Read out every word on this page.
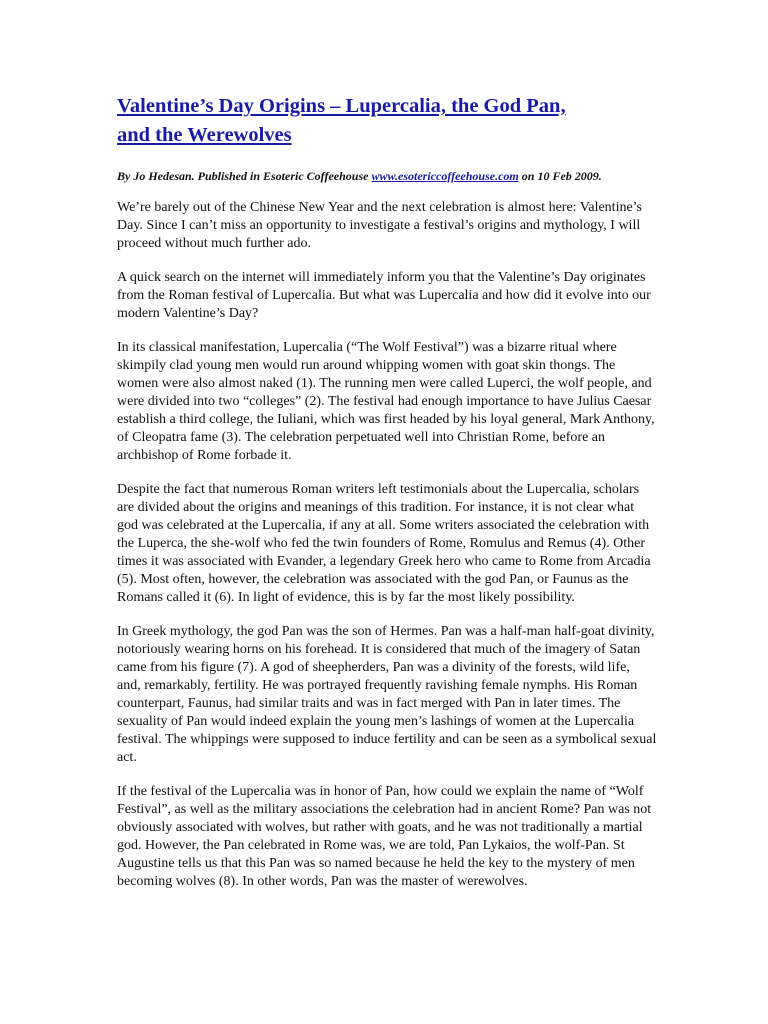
Valentine’s Day Origins – Lupercalia, the God Pan,
and the Werewolves

By Jo Hedesan. Published in Esoteric Coffeehouse www.esotericcoffeehouse.com on 10 Feb 2009.

We’re barely out of the Chinese New Year and the next celebration is almost here: Valentine’s Day. Since I can’t miss an opportunity to investigate a festival’s origins and mythology, I will proceed without much further ado.

A quick search on the internet will immediately inform you that the Valentine’s Day originates from the Roman festival of Lupercalia. But what was Lupercalia and how did it evolve into our modern Valentine’s Day?

In its classical manifestation, Lupercalia (“The Wolf Festival”) was a bizarre ritual where skimpily clad young men would run around whipping women with goat skin thongs. The women were also almost naked (1). The running men were called Luperci, the wolf people, and were divided into two “colleges” (2). The festival had enough importance to have Julius Caesar establish a third college, the Iuliani, which was first headed by his loyal general, Mark Anthony, of Cleopatra fame (3). The celebration perpetuated well into Christian Rome, before an archbishop of Rome forbade it.

Despite the fact that numerous Roman writers left testimonials about the Lupercalia, scholars are divided about the origins and meanings of this tradition. For instance, it is not clear what god was celebrated at the Lupercalia, if any at all. Some writers associated the celebration with the Luperca, the she-wolf who fed the twin founders of Rome, Romulus and Remus (4). Other times it was associated with Evander, a legendary Greek hero who came to Rome from Arcadia (5). Most often, however, the celebration was associated with the god Pan, or Faunus as the Romans called it (6). In light of evidence, this is by far the most likely possibility.

In Greek mythology, the god Pan was the son of Hermes. Pan was a half-man half-goat divinity, notoriously wearing horns on his forehead. It is considered that much of the imagery of Satan came from his figure (7). A god of sheepherders, Pan was a divinity of the forests, wild life, and, remarkably, fertility. He was portrayed frequently ravishing female nymphs. His Roman counterpart, Faunus, had similar traits and was in fact merged with Pan in later times. The sexuality of Pan would indeed explain the young men’s lashings of women at the Lupercalia festival. The whippings were supposed to induce fertility and can be seen as a symbolical sexual act.

If the festival of the Lupercalia was in honor of Pan, how could we explain the name of “Wolf Festival”, as well as the military associations the celebration had in ancient Rome? Pan was not obviously associated with wolves, but rather with goats, and he was not traditionally a martial god. However, the Pan celebrated in Rome was, we are told, Pan Lykaios, the wolf-Pan. St Augustine tells us that this Pan was so named because he held the key to the mystery of men becoming wolves (8). In other words, Pan was the master of werewolves.
